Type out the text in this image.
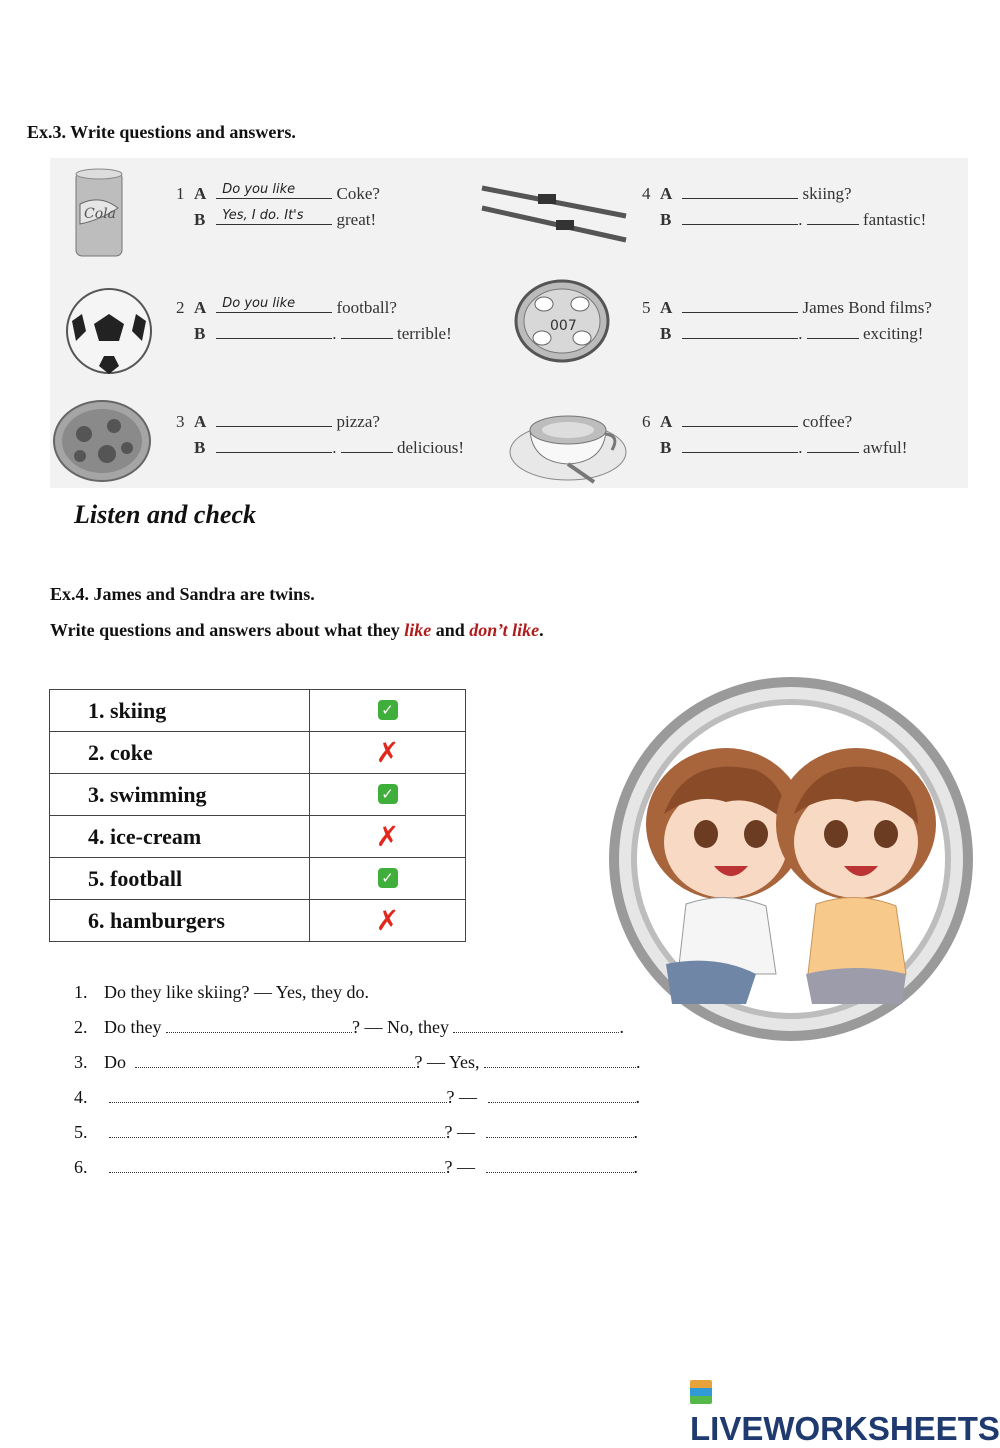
Ex.3. Write questions and answers.
Cola
007
1 A Do you like Coke?
B Yes, I do. It's great!
2 A Do you like football?
B	.	terrible!
3 A	pizza?
B	.	delicious!
4 A	skiing?
B	.	fantastic!
5 A	James Bond films?
B	.	exciting!
6 A	coffee?
B	.	awful!
Listen and check
Ex.4. James and Sandra are twins.
Write questions and answers about what they like and don’t like.
1. skiing	✓
2. coke	✗
3. swimming	✓
4. ice-cream	✗
5. football	✓
6. hamburgers	✗
1. Do they like skiing? — Yes, they do.
2. Do they	? — No, they	.
3. Do	? — Yes,	.
4.	? —	.
5.	? —	.
6.	? —	.
LIVEWORKSHEETS
